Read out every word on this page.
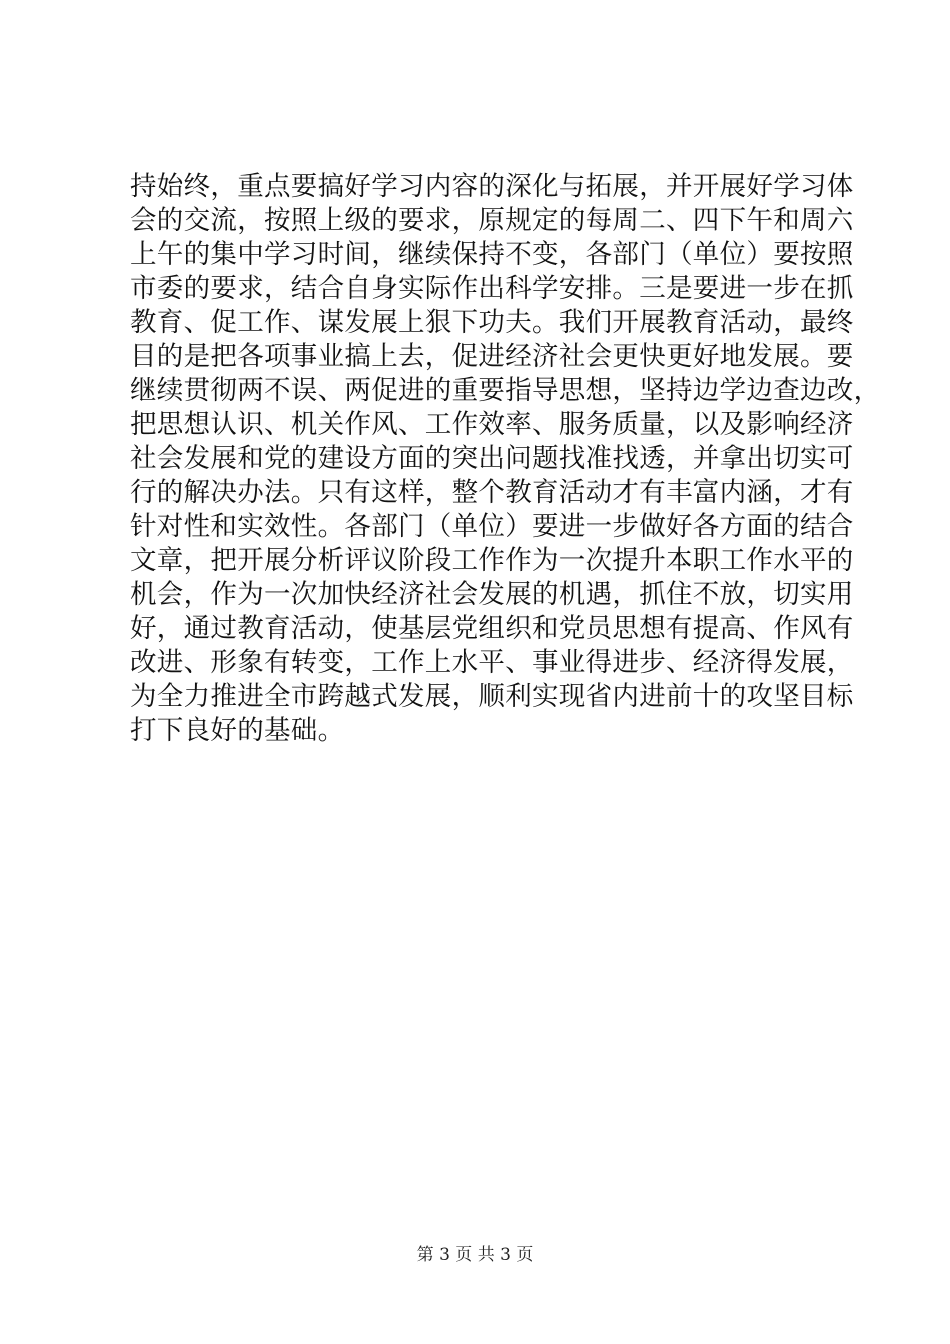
持始终，重点要搞好学习内容的深化与拓展，并开展好学习体
会的交流，按照上级的要求，原规定的每周二、四下午和周六
上午的集中学习时间，继续保持不变，各部门（单位）要按照
市委的要求，结合自身实际作出科学安排。三是要进一步在抓
教育、促工作、谋发展上狠下功夫。我们开展教育活动，最终
目的是把各项事业搞上去，促进经济社会更快更好地发展。要
继续贯彻两不误、两促进的重要指导思想，坚持边学边查边改，
把思想认识、机关作风、工作效率、服务质量，以及影响经济
社会发展和党的建设方面的突出问题找准找透，并拿出切实可
行的解决办法。只有这样，整个教育活动才有丰富内涵，才有
针对性和实效性。各部门（单位）要进一步做好各方面的结合
文章，把开展分析评议阶段工作作为一次提升本职工作水平的
机会，作为一次加快经济社会发展的机遇，抓住不放，切实用
好，通过教育活动，使基层党组织和党员思想有提高、作风有
改进、形象有转变，工作上水平、事业得进步、经济得发展，
为全力推进全市跨越式发展，顺利实现省内进前十的攻坚目标
打下良好的基础。
第 3 页 共 3 页
